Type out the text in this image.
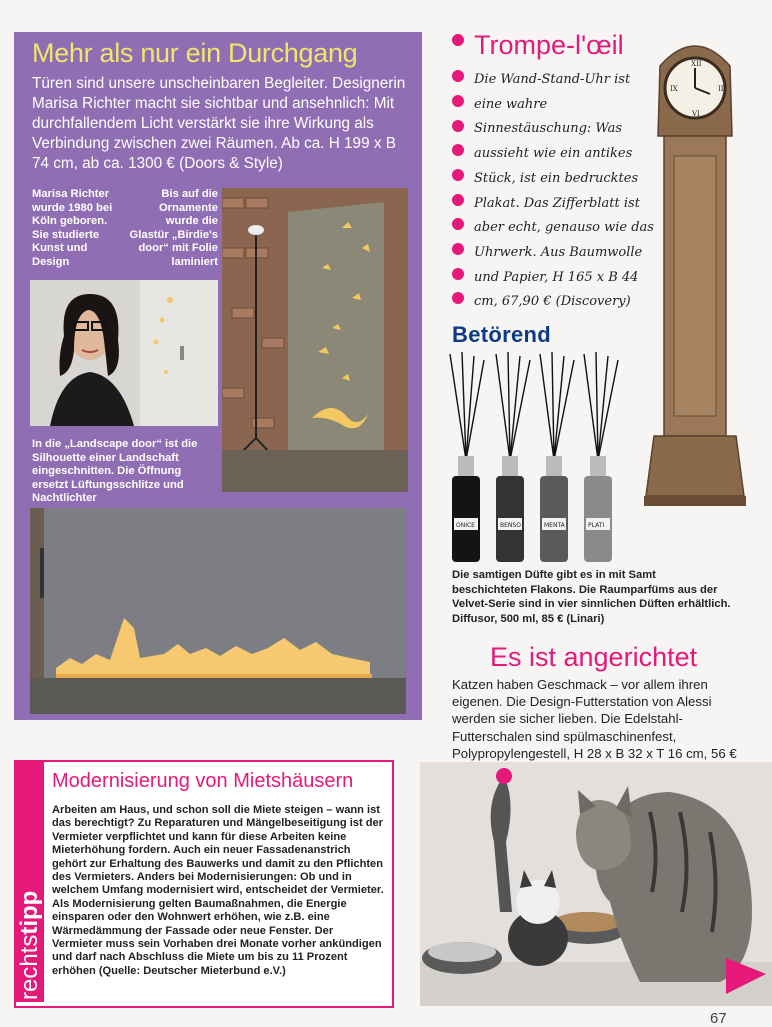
Mehr als nur ein Durchgang
Türen sind unsere unscheinbaren Begleiter. Designerin Marisa Richter macht sie sichtbar und ansehnlich: Mit durchfallendem Licht verstärkt sie ihre Wirkung als Verbindung zwischen zwei Räumen. Ab ca. H 199 x B 74 cm, ab ca. 1300 € (Doors & Style)
Marisa Richter wurde 1980 bei Köln geboren. Sie studierte Kunst und Design
Bis auf die Ornamente wurde die Glastür „Birdie's door“ mit Folie laminiert
In die „Landscape door“ ist die Silhouette einer Landschaft eingeschnitten. Die Öffnung ersetzt Lüftungsschlitze und Nachtlichter
rechtstipp
Modernisierung von Mietshäusern
Arbeiten am Haus, und schon soll die Miete steigen – wann ist das berechtigt? Zu Reparaturen und Mängelbeseitigung ist der Vermieter verpflichtet und kann für diese Arbeiten keine Mieterhöhung fordern. Auch ein neuer Fassadenanstrich gehört zur Erhaltung des Bauwerks und damit zu den Pflichten des Vermieters. Anders bei Modernisierungen: Ob und in welchem Umfang modernisiert wird, entscheidet der Vermieter. Als Modernisierung gelten Baumaßnahmen, die Energie einsparen oder den Wohnwert erhöhen, wie z.B. eine Wärmedämmung der Fassade oder neue Fenster. Der Vermieter muss sein Vorhaben drei Monate vorher ankündigen und darf nach Abschluss die Miete um bis zu 11 Prozent erhöhen (Quelle: Deutscher Mieterbund e.V.)
Trompe-l'œil
Die Wand-Stand-Uhr ist eine wahre Sinnestäuschung: Was aussieht wie ein antikes Stück, ist ein bedrucktes Plakat. Das Zifferblatt ist aber echt, genauso wie das Uhrwerk. Aus Baumwolle und Papier, H 165 x B 44 cm, 67,90 € (Discovery)
XII
III
VI
IX
Betörend
ONICE	BENSO	MENTA	PLATI
Die samtigen Düfte gibt es in mit Samt beschichteten Flakons. Die Raumparfüms aus der Velvet-Serie sind in vier sinnlichen Düften erhältlich. Diffusor, 500 ml, 85 € (Linari)
Es ist angerichtet
Katzen haben Geschmack – vor allem ihren eigenen. Die Design-Futterstation von Alessi werden sie sicher lieben. Die Edelstahl-Futterschalen sind spülmaschinenfest, Polypropylengestell, H 28 x B 32 x T 16 cm, 56 €
67
